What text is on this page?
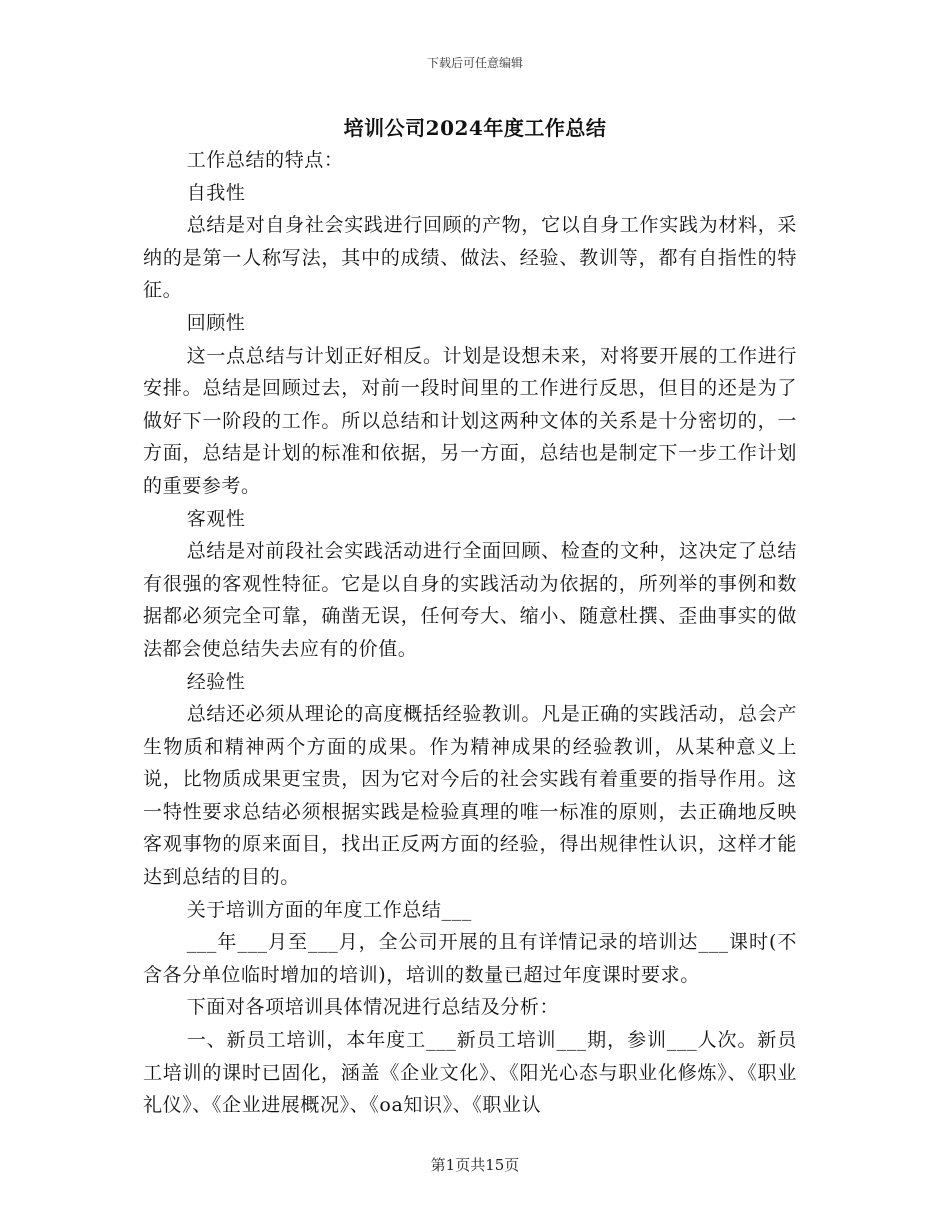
下载后可任意编辑
培训公司2024年度工作总结

工作总结的特点：

自我性

总结是对自身社会实践进行回顾的产物，它以自身工作实践为材料，采纳的是第一人称写法，其中的成绩、做法、经验、教训等，都有自指性的特征。

回顾性

这一点总结与计划正好相反。计划是设想未来，对将要开展的工作进行安排。总结是回顾过去，对前一段时间里的工作进行反思，但目的还是为了做好下一阶段的工作。所以总结和计划这两种文体的关系是十分密切的，一方面，总结是计划的标准和依据，另一方面，总结也是制定下一步工作计划的重要参考。

客观性

总结是对前段社会实践活动进行全面回顾、检查的文种，这决定了总结有很强的客观性特征。它是以自身的实践活动为依据的，所列举的事例和数据都必须完全可靠，确凿无误，任何夸大、缩小、随意杜撰、歪曲事实的做法都会使总结失去应有的价值。

经验性

总结还必须从理论的高度概括经验教训。凡是正确的实践活动，总会产生物质和精神两个方面的成果。作为精神成果的经验教训，从某种意义上说，比物质成果更宝贵，因为它对今后的社会实践有着重要的指导作用。这一特性要求总结必须根据实践是检验真理的唯一标准的原则，去正确地反映客观事物的原来面目，找出正反两方面的经验，得出规律性认识，这样才能达到总结的目的。

关于培训方面的年度工作总结___

___年___月至___月，全公司开展的且有详情记录的培训达___课时(不含各分单位临时增加的培训)，培训的数量已超过年度课时要求。

下面对各项培训具体情况进行总结及分析：

一、新员工培训，本年度工___新员工培训___期，参训___人次。新员工培训的课时已固化，涵盖《企业文化》、《阳光心态与职业化修炼》、《职业礼仪》、《企业进展概况》、《oa知识》、《职业认

第1页共15页
